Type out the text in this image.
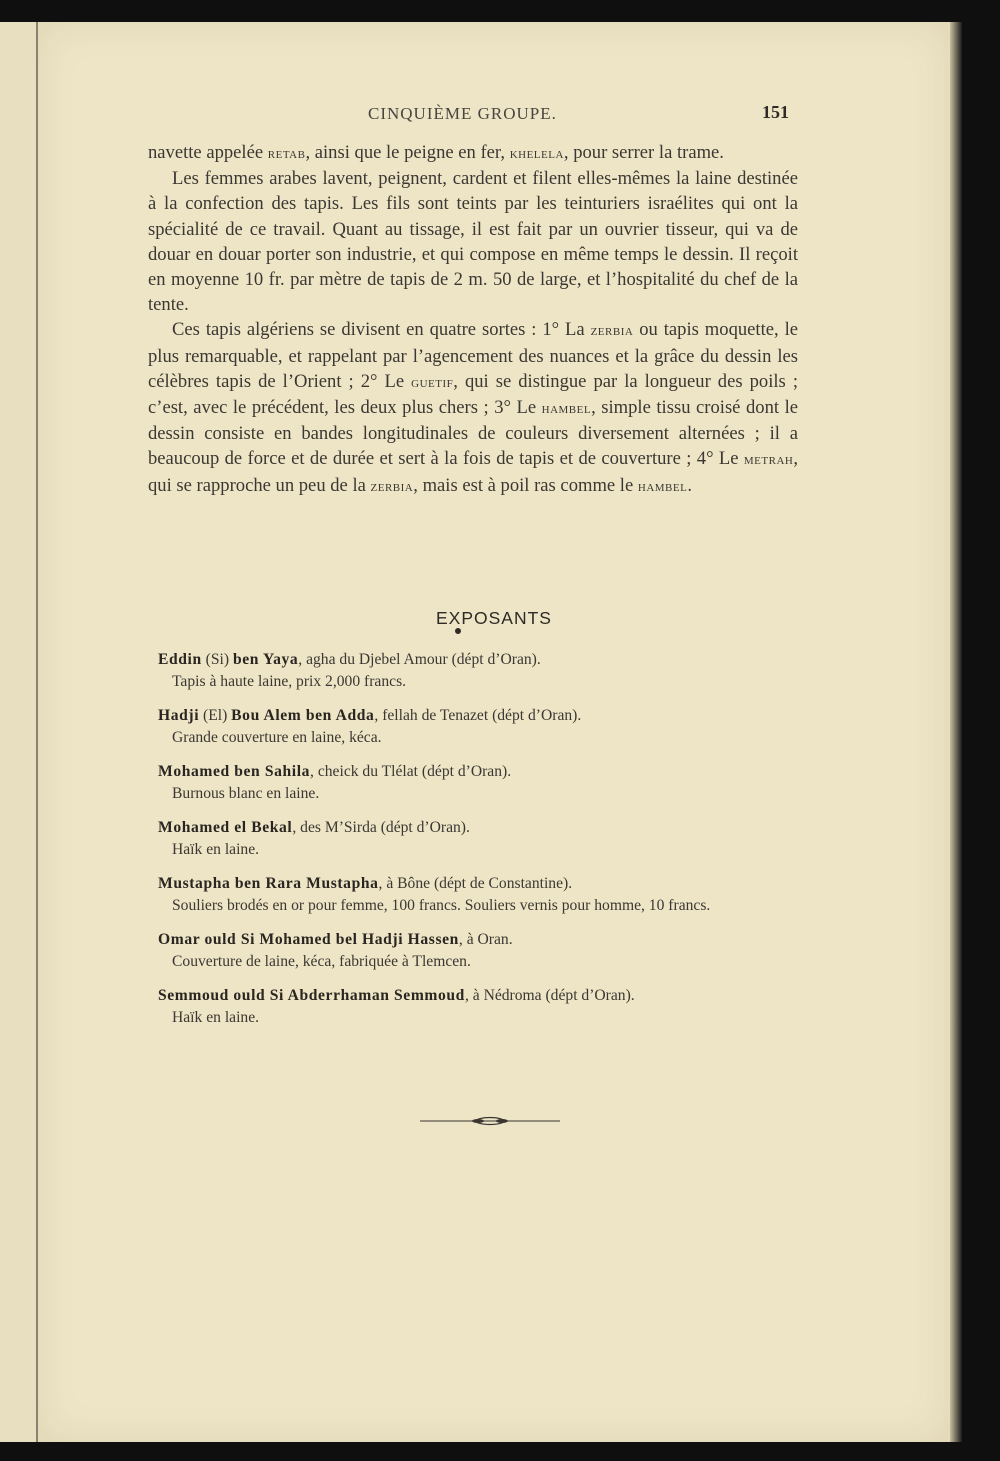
CINQUIÈME GROUPE.	151

navette appelée retab, ainsi que le peigne en fer, khelela, pour serrer la trame.

Les femmes arabes lavent, peignent, cardent et filent elles-mêmes la laine destinée à la confection des tapis. Les fils sont teints par les teinturiers israélites qui ont la spécialité de ce travail. Quant au tissage, il est fait par un ouvrier tisseur, qui va de douar en douar porter son industrie, et qui compose en même temps le dessin. Il reçoit en moyenne 10 fr. par mètre de tapis de 2 m. 50 de large, et l’hospitalité du chef de la tente.

Ces tapis algériens se divisent en quatre sortes : 1° La zerbia ou tapis moquette, le plus remarquable, et rappelant par l’agencement des nuances et la grâce du dessin les célèbres tapis de l’Orient ; 2° Le guetif, qui se distingue par la longueur des poils ; c’est, avec le précédent, les deux plus chers ; 3° Le hambel, simple tissu croisé dont le dessin consiste en bandes longitudinales de couleurs diversement alternées ; il a beaucoup de force et de durée et sert à la fois de tapis et de couverture ; 4° Le metrah, qui se rapproche un peu de la zerbia, mais est à poil ras comme le hambel.

EXPOSANTS
Eddin (Si) ben Yaya, agha du Djebel Amour (dépt d’Oran).
Tapis à haute laine, prix 2,000 francs.
Hadji (El) Bou Alem ben Adda, fellah de Tenazet (dépt d’Oran).
Grande couverture en laine, kéca.
Mohamed ben Sahila, cheick du Tlélat (dépt d’Oran).
Burnous blanc en laine.
Mohamed el Bekal, des M’Sirda (dépt d’Oran).
Haïk en laine.
Mustapha ben Rara Mustapha, à Bône (dépt de Constantine).
Souliers brodés en or pour femme, 100 francs. Souliers vernis pour homme, 10 francs.
Omar ould Si Mohamed bel Hadji Hassen, à Oran.
Couverture de laine, kéca, fabriquée à Tlemcen.
Semmoud ould Si Abderrhaman Semmoud, à Nédroma (dépt d’Oran).
Haïk en laine.
